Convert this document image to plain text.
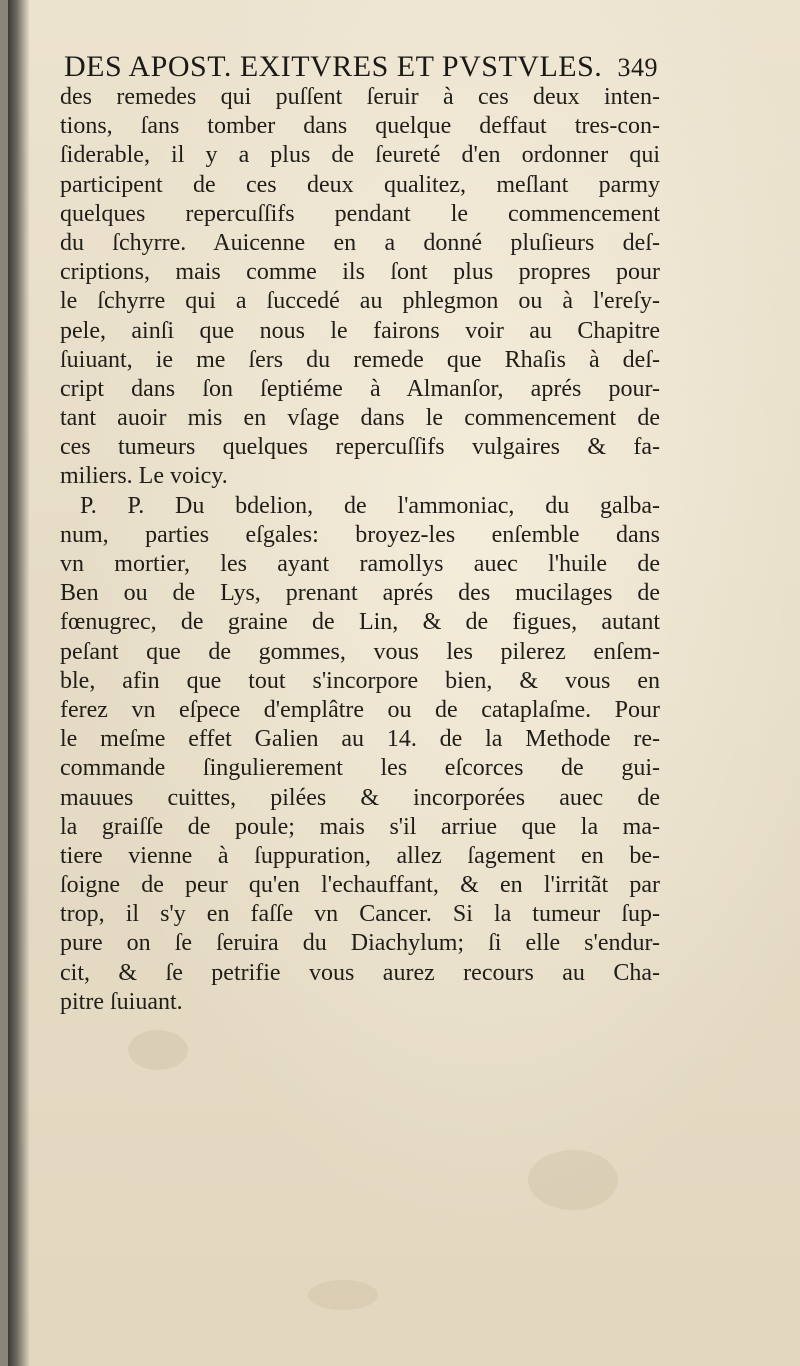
DES APOST. EXITVRES ET PVSTVLES. 349
des remedes qui puſſent ſeruir à ces deux inten-
tions, ſans tomber dans quelque deffaut tres-con-
ſiderable, il y a plus de ſeureté d'en ordonner qui
participent de ces deux qualitez, meſlant parmy
quelques repercuſſifs pendant le commencement
du ſchyrre. Auicenne en a donné pluſieurs deſ-
criptions, mais comme ils ſont plus propres pour
le ſchyrre qui a ſuccedé au phlegmon ou à l'ereſy-
pele, ainſi que nous le fairons voir au Chapitre
ſuiuant, ie me ſers du remede que Rhaſis à deſ-
cript dans ſon ſeptiéme à Almanſor, aprés pour-
tant auoir mis en vſage dans le commencement de
ces tumeurs quelques repercuſſifs vulgaires & fa-
miliers. Le voicy.
P. P. Du bdelion, de l'ammoniac, du galba-
num, parties eſgales: broyez-les enſemble dans
vn mortier, les ayant ramollys auec l'huile de
Ben ou de Lys, prenant aprés des mucilages de
fœnugrec, de graine de Lin, & de figues, autant
peſant que de gommes, vous les pilerez enſem-
ble, afin que tout s'incorpore bien, & vous en
ferez vn eſpece d'emplâtre ou de cataplaſme. Pour
le meſme effet Galien au 14. de la Methode re-
commande ſingulierement les eſcorces de gui-
mauues cuittes, pilées & incorporées auec de
la graiſſe de poule; mais s'il arriue que la ma-
tiere vienne à ſuppuration, allez ſagement en be-
ſoigne de peur qu'en l'echauffant, & en l'irritãt par
trop, il s'y en faſſe vn Cancer. Si la tumeur ſup-
pure on ſe ſeruira du Diachylum; ſi elle s'endur-
cit, & ſe petrifie vous aurez recours au Cha-
pitre ſuiuant.
